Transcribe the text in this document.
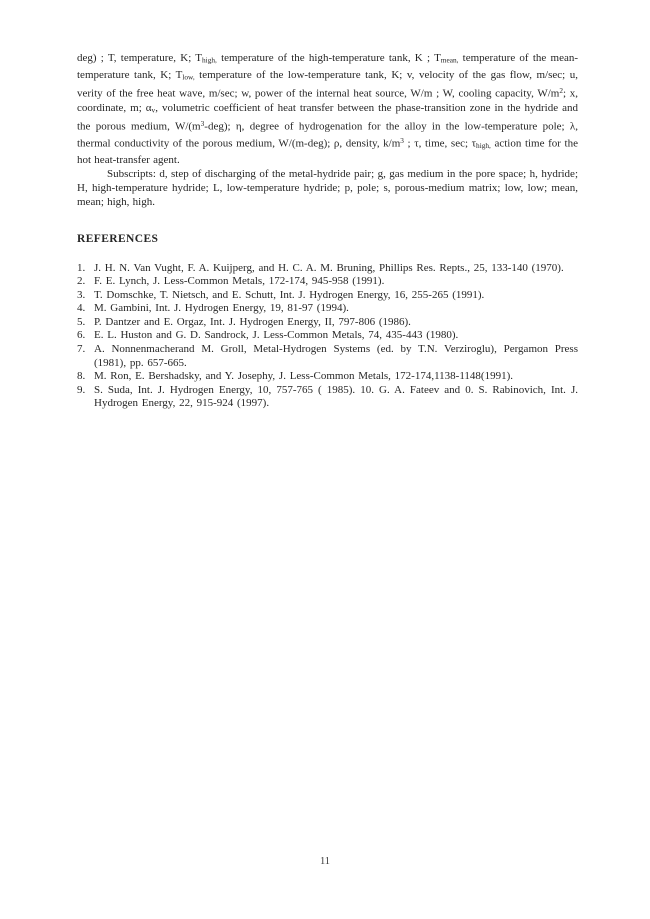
deg) ; T, temperature, K; $T_{high,}$ temperature of the high-temperature tank, K ; $T_{mean,}$ temperature of the mean-temperature tank, K; $T_{low,}$ temperature of the low-temperature tank, K; v, velocity of the gas flow, m/sec; u, verity of the free heat wave, m/sec; w, power of the internal heat source, W/m ; W, cooling capacity, $W/m^2$; x, coordinate, m; $\alpha_v$, volumetric coefficient of heat transfer between the phase-transition zone in the hydride and the porous medium, $W/(m^3-deg)$; η, degree of hydrogenation for the alloy in the low-temperature pole; λ, thermal conductivity of the porous medium, W/(m-deg); ρ, density, $k/m^3$ ; τ, time, sec; $\tau_{high,}$ action time for the hot heat-transfer agent.

Subscripts: d, step of discharging of the metal-hydride pair; g, gas medium in the pore space; h, hydride; H, high-temperature hydride; L, low-temperature hydride; p, pole; s, porous-medium matrix; low, low; mean, mean; high, high.

REFERENCES
1. J. H. N. Van Vught, F. A. Kuijperg, and H. C. A. M. Bruning, Phillips Res. Repts., 25, 133-140 (1970).
2. F. E. Lynch, J. Less-Common Metals, 172-174, 945-958 (1991).
3. T. Domschke, T. Nietsch, and E. Schutt, Int. J. Hydrogen Energy, 16, 255-265 (1991).
4. M. Gambini, Int. J. Hydrogen Energy, 19, 81-97 (1994).
5. P. Dantzer and E. Orgaz, Int. J. Hydrogen Energy, II, 797-806 (1986).
6. E. L. Huston and G. D. Sandrock, J. Less-Common Metals, 74, 435-443 (1980).
7. A. Nonnenmacherand M. Groll, Metal-Hydrogen Systems (ed. by T.N. Verziroglu), Pergamon Press (1981), pp. 657-665.
8. M. Ron, E. Bershadsky, and Y. Josephy, J. Less-Common Metals, 172-174,1138-1148(1991).
9. S. Suda, Int. J. Hydrogen Energy, 10, 757-765 ( 1985). 10. G. A. Fateev and 0. S. Rabinovich, Int. J. Hydrogen Energy, 22, 915-924 (1997).
11
